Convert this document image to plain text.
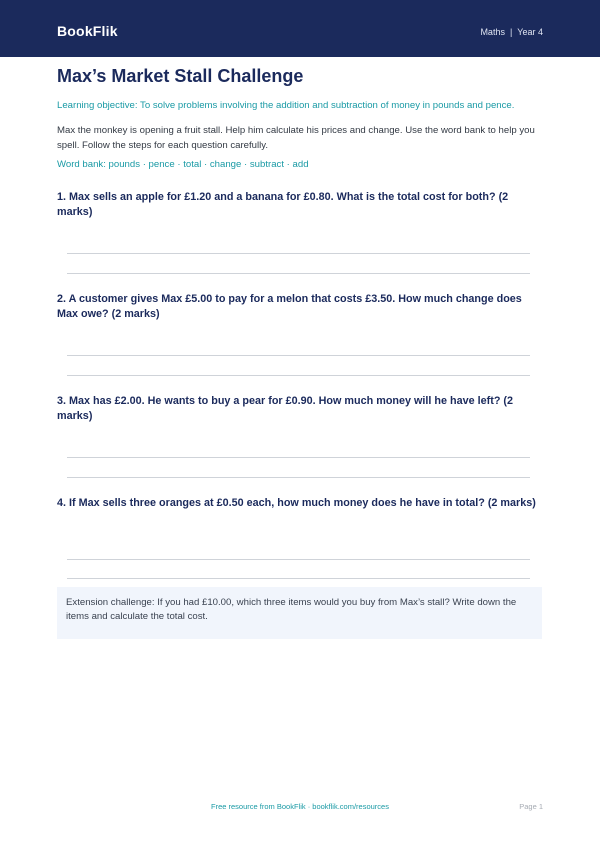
BookFlik	Maths | Year 4
Max’s Market Stall Challenge
Learning objective: To solve problems involving the addition and subtraction of money in pounds and pence.
Max the monkey is opening a fruit stall. Help him calculate his prices and change. Use the word bank to help you spell. Follow the steps for each question carefully.
Word bank: pounds · pence · total · change · subtract · add
1. Max sells an apple for £1.20 and a banana for £0.80. What is the total cost for both? (2 marks)
2. A customer gives Max £5.00 to pay for a melon that costs £3.50. How much change does Max owe? (2 marks)
3. Max has £2.00. He wants to buy a pear for £0.90. How much money will he have left? (2 marks)
4. If Max sells three oranges at £0.50 each, how much money does he have in total? (2 marks)
Extension challenge: If you had £10.00, which three items would you buy from Max’s stall? Write down the items and calculate the total cost.
Free resource from BookFlik · bookflik.com/resources	Page 1
